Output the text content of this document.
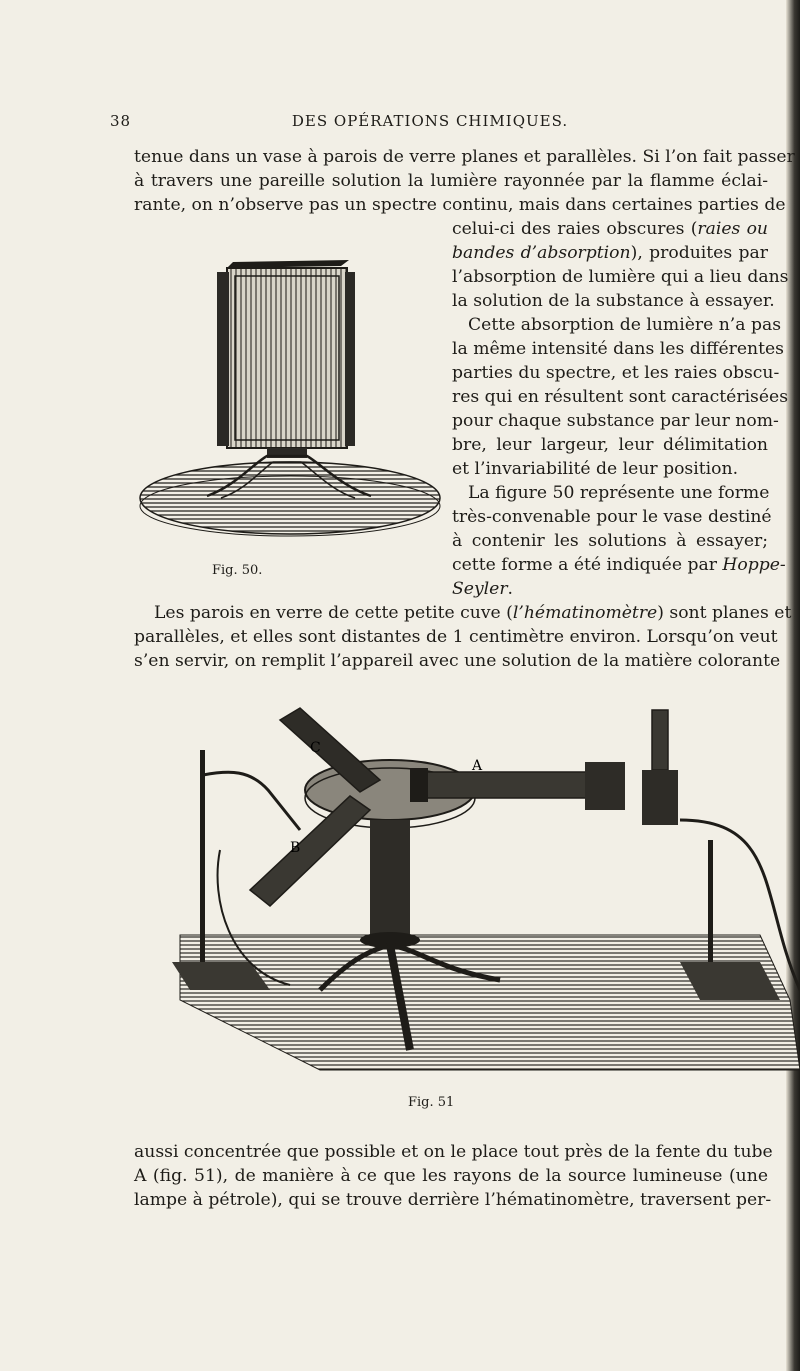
38	DES OPÉRATIONS CHIMIQUES.
tenue dans un vase à parois de verre planes et parallèles. Si l’on fait passer
à travers une pareille solution la lumière rayonnée par la flamme éclai-
rante, on n’observe pas un spectre continu, mais dans certaines parties de
celui-ci des raies obscures (raies ou
bandes d’absorption), produites par
l’absorption de lumière qui a lieu dans
la solution de la substance à essayer.
Cette absorption de lumière n’a pas
la même intensité dans les différentes
parties du spectre, et les raies obscu-
res qui en résultent sont caractérisées
pour chaque substance par leur nom-
bre, leur largeur, leur délimitation
et l’invariabilité de leur position.
La figure 50 représente une forme
très-convenable pour le vase destiné
à contenir les solutions à essayer;
cette forme a été indiquée par Hoppe-
Seyler.
Les parois en verre de cette petite cuve (l’hématinomètre) sont planes et
parallèles, et elles sont distantes de 1 centimètre environ. Lorsqu’on veut
s’en servir, on remplit l’appareil avec une solution de la matière colorante
Fig. 50.
C
A
B
Fig. 51
aussi concentrée que possible et on le place tout près de la fente du tube
A (fig. 51), de manière à ce que les rayons de la source lumineuse (une
lampe à pétrole), qui se trouve derrière l’hématinomètre, traversent per-
